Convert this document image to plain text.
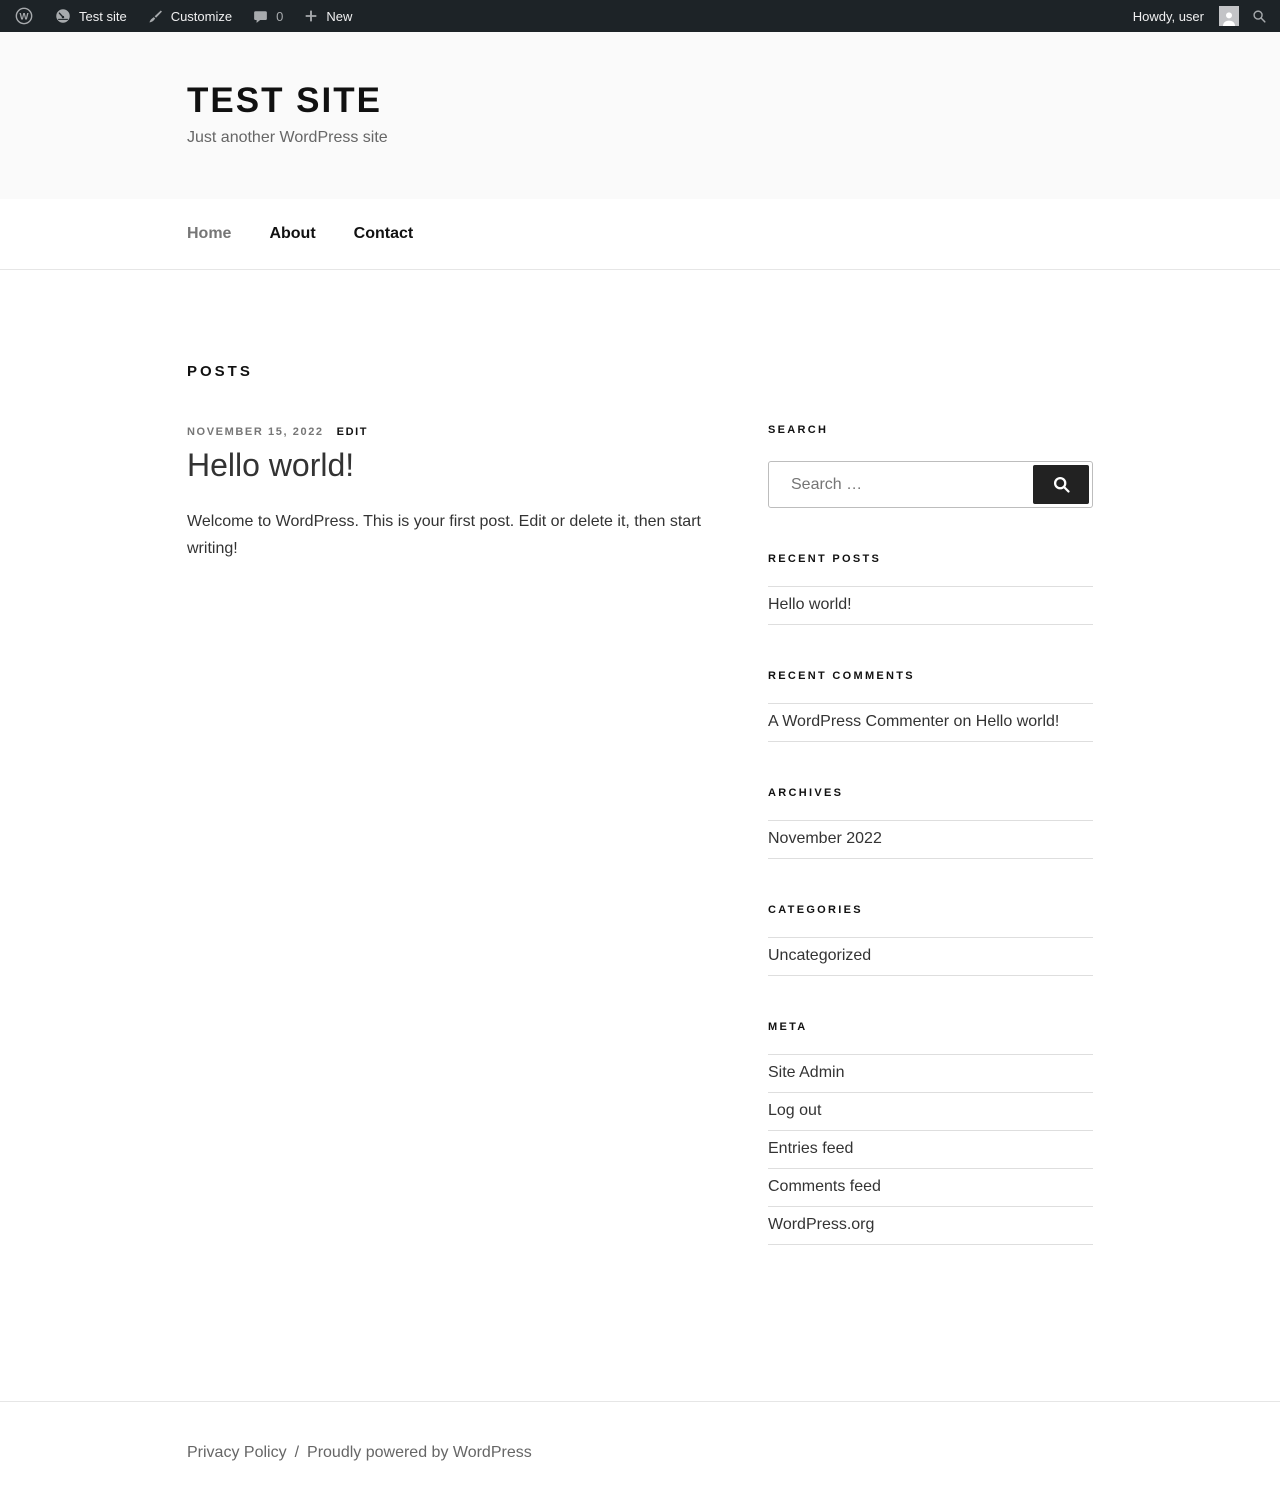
W	Test site	Customize	0	New	Howdy, user
TEST SITE

Just another WordPress site

Home About Contact
POSTS
NOVEMBER 15, 2022 EDIT
Hello world!

Welcome to WordPress. This is your first post. Edit or delete it, then start writing!

SEARCH
Search …
RECENT POSTS
Hello world!
RECENT COMMENTS
A WordPress Commenter on Hello world!
ARCHIVES
November 2022
CATEGORIES
Uncategorized
META
Site Admin
Log out
Entries feed
Comments feed
WordPress.org
Privacy Policy / Proudly powered by WordPress
